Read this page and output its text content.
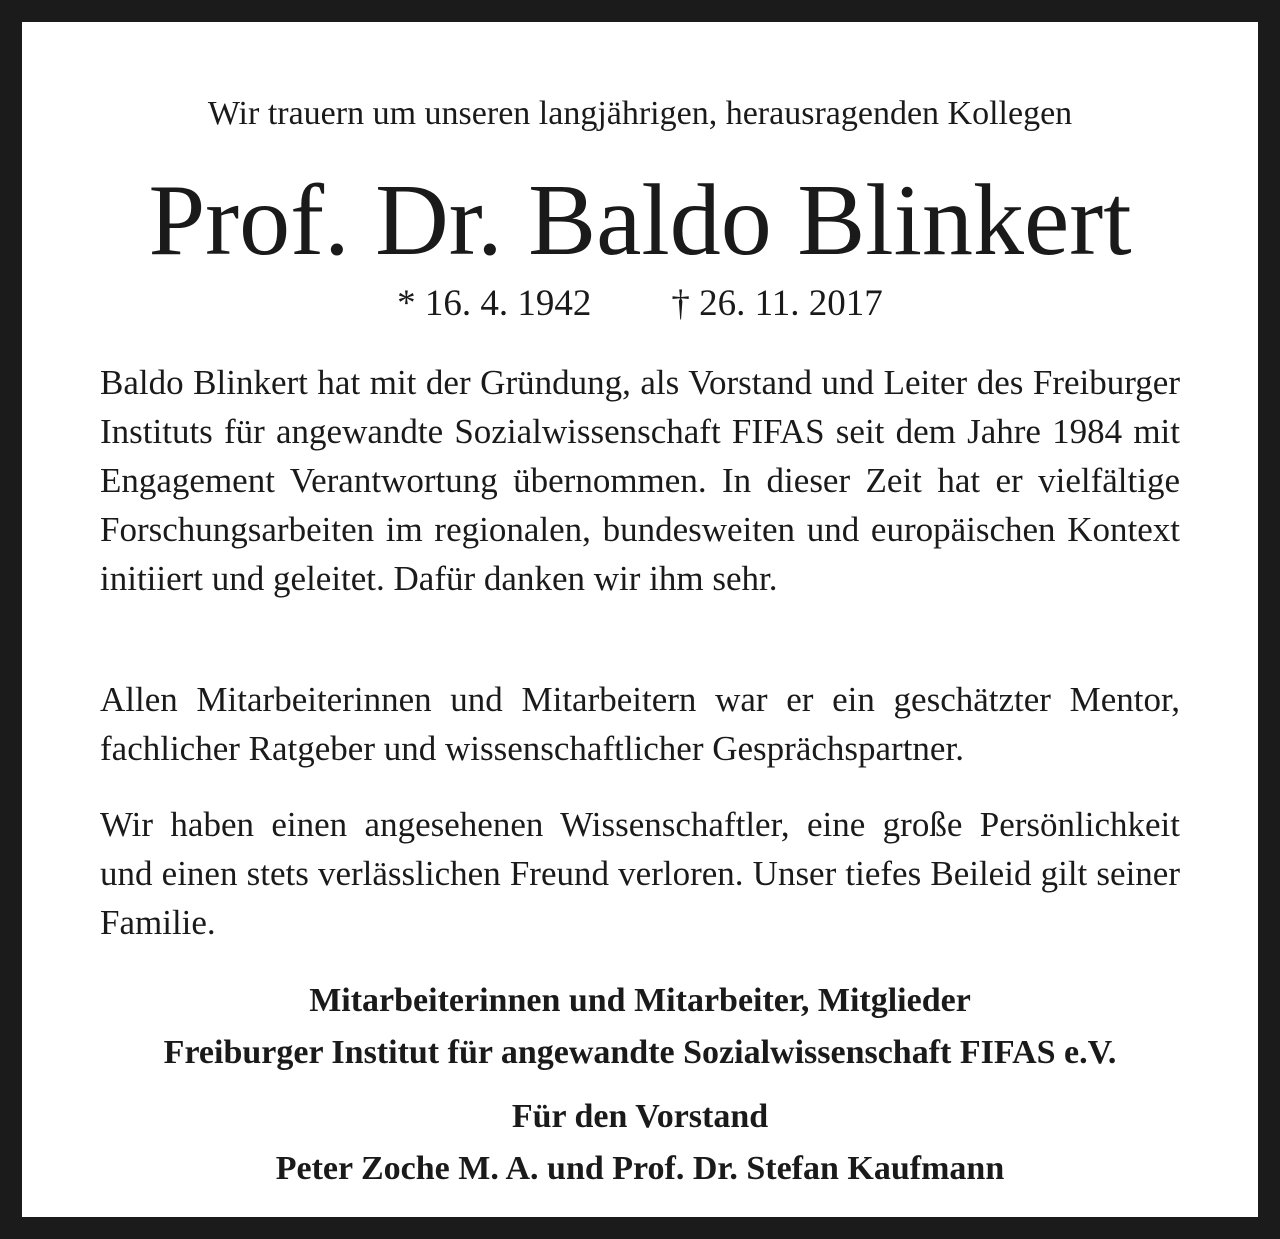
Wir trauern um unseren langjährigen, herausragenden Kollegen
Prof. Dr. Baldo Blinkert
* 16. 4. 1942 † 26. 11. 2017

Baldo Blinkert hat mit der Gründung, als Vorstand und Leiter des Freiburger Instituts für angewandte Sozialwissenschaft FIFAS seit dem Jahre 1984 mit Engagement Verantwortung übernommen. In dieser Zeit hat er vielfältige Forschungsarbeiten im regionalen, bundesweiten und europäischen Kontext initiiert und geleitet. Dafür danken wir ihm sehr.

Allen Mitarbeiterinnen und Mitarbeitern war er ein geschätzter Mentor, fachlicher Ratgeber und wissenschaftlicher Gesprächspartner.

Wir haben einen angesehenen Wissenschaftler, eine große Persönlichkeit und einen stets verlässlichen Freund verloren. Unser tiefes Beileid gilt seiner Familie.

Mitarbeiterinnen und Mitarbeiter, Mitglieder
Freiburger Institut für angewandte Sozialwissenschaft FIFAS e.V.
Für den Vorstand
Peter Zoche M. A. und Prof. Dr. Stefan Kaufmann
